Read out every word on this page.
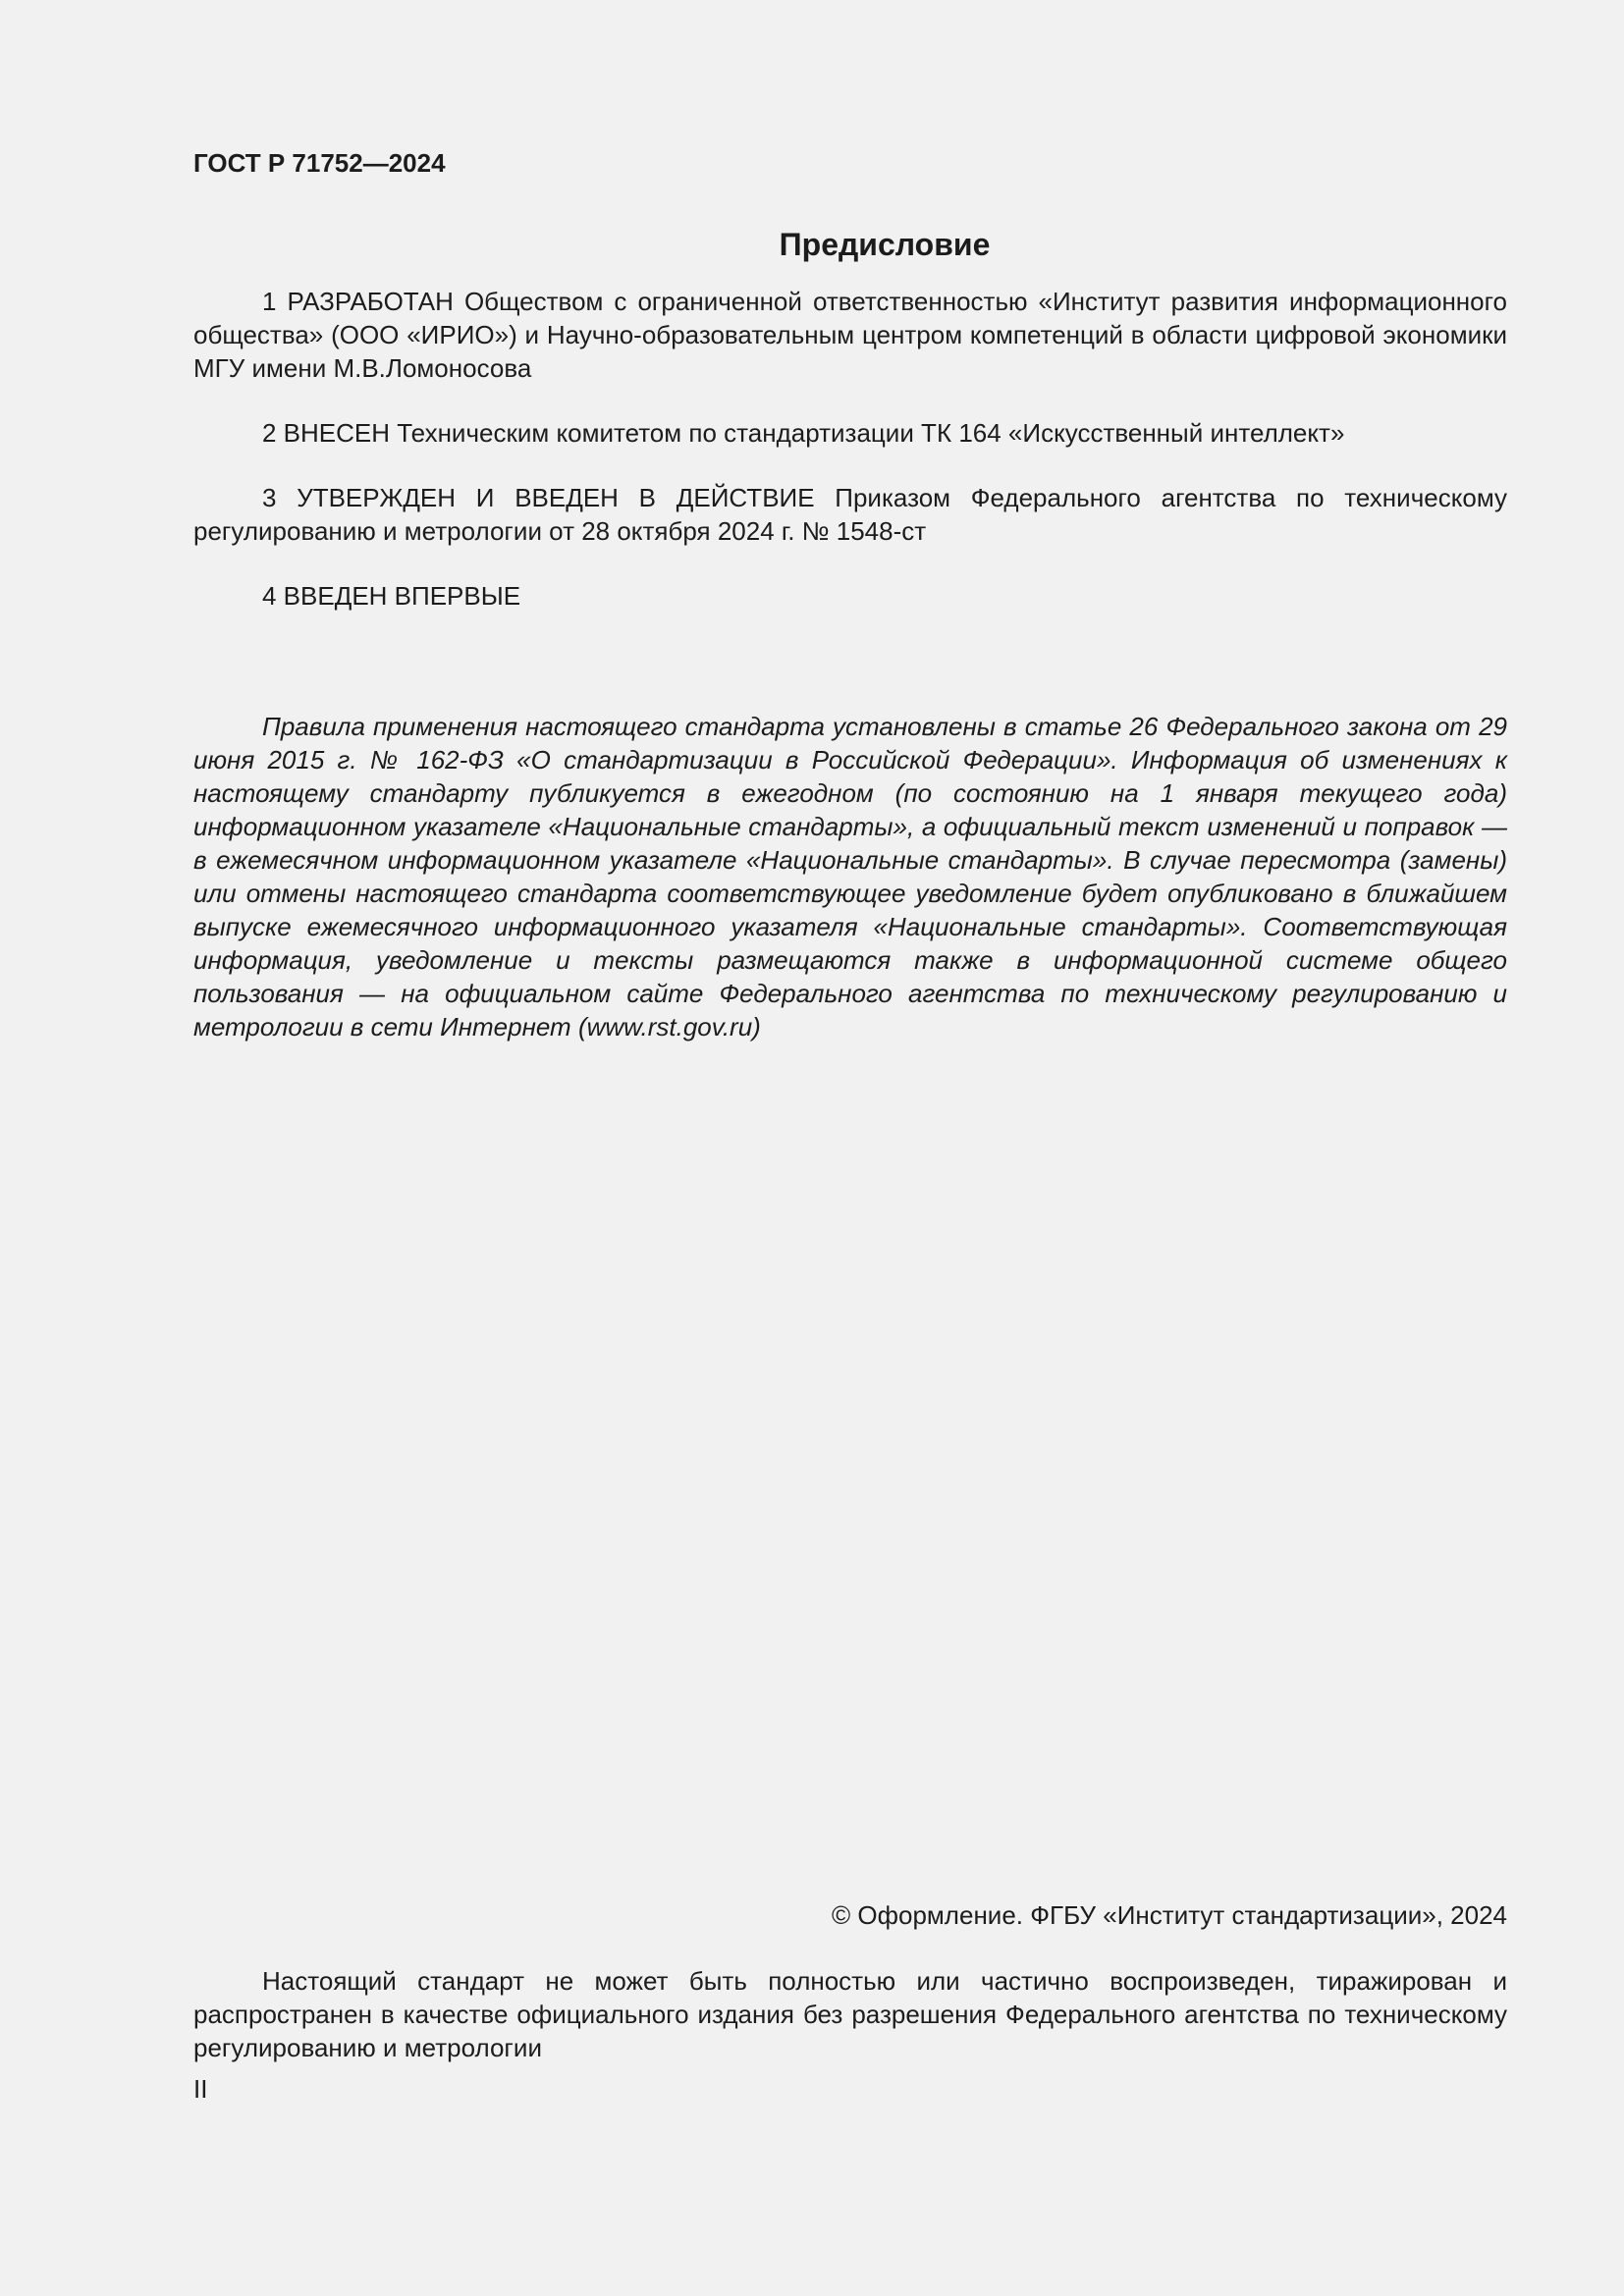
ГОСТ Р 71752—2024
Предисловие

1 РАЗРАБОТАН Обществом с ограниченной ответственностью «Институт развития информационного общества» (ООО «ИРИО») и Научно-образовательным центром компетенций в области цифровой экономики МГУ имени М.В.Ломоносова

2 ВНЕСЕН Техническим комитетом по стандартизации ТК 164 «Искусственный интеллект»

3 УТВЕРЖДЕН И ВВЕДЕН В ДЕЙСТВИЕ Приказом Федерального агентства по техническому регулированию и метрологии от 28 октября 2024 г. № 1548-ст

4 ВВЕДЕН ВПЕРВЫЕ

Правила применения настоящего стандарта установлены в статье 26 Федерального закона от 29 июня 2015 г. № 162-ФЗ «О стандартизации в Российской Федерации». Информация об изменениях к настоящему стандарту публикуется в ежегодном (по состоянию на 1 января текущего года) информационном указателе «Национальные стандарты», а официальный текст изменений и поправок — в ежемесячном информационном указателе «Национальные стандарты». В случае пересмотра (замены) или отмены настоящего стандарта соответствующее уведомление будет опубликовано в ближайшем выпуске ежемесячного информационного указателя «Национальные стандарты». Соответствующая информация, уведомление и тексты размещаются также в информационной системе общего пользования — на официальном сайте Федерального агентства по техническому регулированию и метрологии в сети Интернет (www.rst.gov.ru)

© Оформление. ФГБУ «Институт стандартизации», 2024

Настоящий стандарт не может быть полностью или частично воспроизведен, тиражирован и распространен в качестве официального издания без разрешения Федерального агентства по техническому регулированию и метрологии

II
